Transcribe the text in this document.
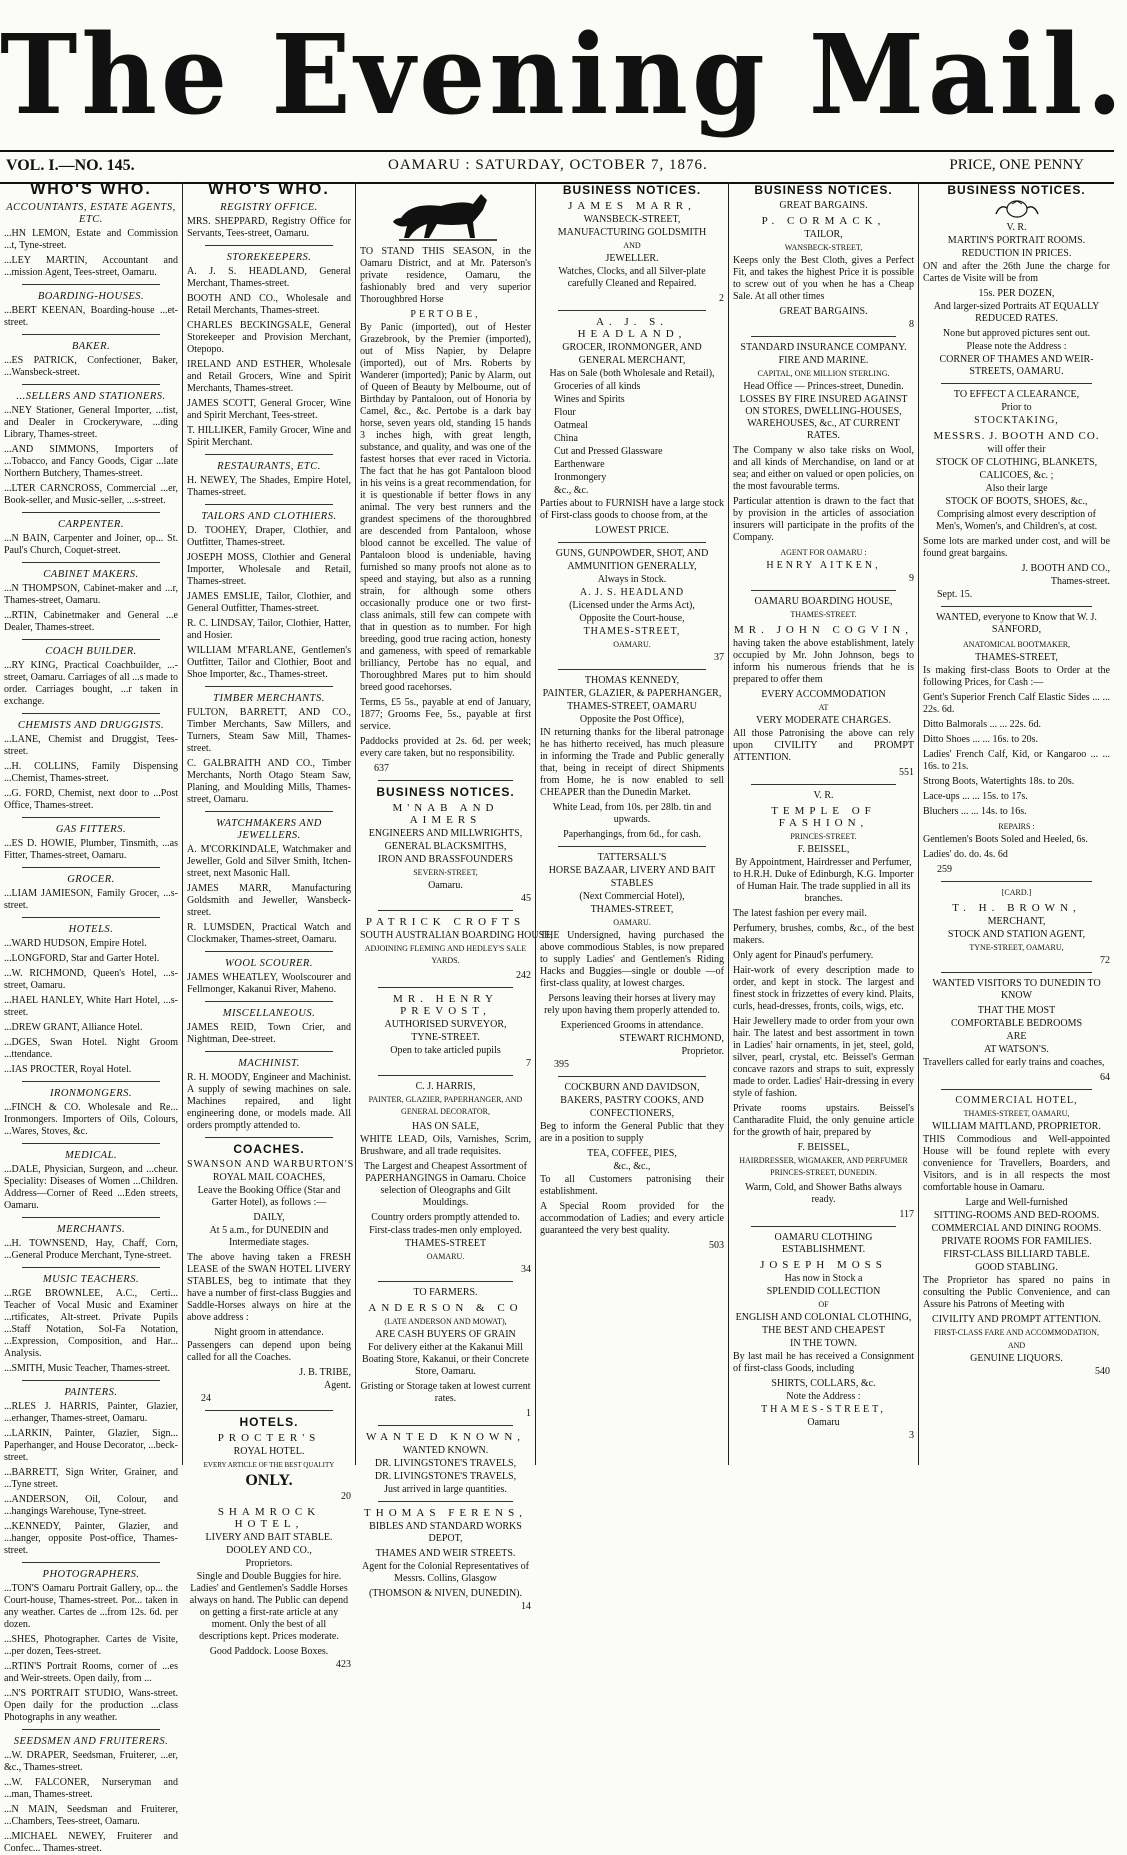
The Evening Mail.
VOL. I.—NO. 145.	OAMARU : SATURDAY, OCTOBER 7, 1876.	PRICE, ONE PENNY
WHO'S WHO.

ACCOUNTANTS, ESTATE AGENTS, ETC.

...HN LEMON, Estate and Commission ...t, Tyne-street.

...LEY MARTIN, Accountant and ...mission Agent, Tees-street, Oamaru.

BOARDING-HOUSES.

...BERT KEENAN, Boarding-house ...et-street.

BAKER.

...ES PATRICK, Confectioner, Baker, ...Wansbeck-street.

...SELLERS AND STATIONERS.

...NEY Stationer, General Importer, ...tist, and Dealer in Crockeryware, ...ding Library, Thames-street.

...AND SIMMONS, Importers of ...Tobacco, and Fancy Goods, Cigar ...late Northern Butchery, Thames-street.

...LTER CARNCROSS, Commercial ...er, Book-seller, and Music-seller, ...s-street.

CARPENTER.

...N BAIN, Carpenter and Joiner, op... St. Paul's Church, Coquet-street.

CABINET MAKERS.

...N THOMPSON, Cabinet-maker and ...r, Thames-street, Oamaru.

...RTIN, Cabinetmaker and General ...e Dealer, Thames-street.

COACH BUILDER.

...RY KING, Practical Coachbuilder, ...-street, Oamaru. Carriages of all ...s made to order. Carriages bought, ...r taken in exchange.

CHEMISTS AND DRUGGISTS.

...LANE, Chemist and Druggist, Tees-street.

...H. COLLINS, Family Dispensing ...Chemist, Thames-street.

...G. FORD, Chemist, next door to ...Post Office, Thames-street.

GAS FITTERS.

...ES D. HOWIE, Plumber, Tinsmith, ...as Fitter, Thames-street, Oamaru.

GROCER.

...LIAM JAMIESON, Family Grocer, ...s-street.

HOTELS.

...WARD HUDSON, Empire Hotel.

...LONGFORD, Star and Garter Hotel.

...W. RICHMOND, Queen's Hotel, ...s-street, Oamaru.

...HAEL HANLEY, White Hart Hotel, ...s-street.

...DREW GRANT, Alliance Hotel.

...DGES, Swan Hotel. Night Groom ...ttendance.

...IAS PROCTER, Royal Hotel.

IRONMONGERS.

...FINCH & CO. Wholesale and Re... Ironmongers. Importers of Oils, Colours, ...Wares, Stoves, &c.

MEDICAL.

...DALE, Physician, Surgeon, and ...cheur. Speciality: Diseases of Women ...Children. Address—Corner of Reed ...Eden streets, Oamaru.

MERCHANTS.

...H. TOWNSEND, Hay, Chaff, Corn, ...General Produce Merchant, Tyne-street.

MUSIC TEACHERS.

...RGE BROWNLEE, A.C., Certi... Teacher of Vocal Music and Examiner ...rtificates, Alt-street. Private Pupils ...Staff Notation, Sol-Fa Notation, ...Expression, Composition, and Har... Analysis.

...SMITH, Music Teacher, Thames-street.

PAINTERS.

...RLES J. HARRIS, Painter, Glazier, ...erhanger, Thames-street, Oamaru.

...LARKIN, Painter, Glazier, Sign... Paperhanger, and House Decorator, ...beck-street.

...BARRETT, Sign Writer, Grainer, and ...Tyne street.

...ANDERSON, Oil, Colour, and ...hangings Warehouse, Tyne-street.

...KENNEDY, Painter, Glazier, and ...hanger, opposite Post-office, Thames-street.

PHOTOGRAPHERS.

...TON'S Oamaru Portrait Gallery, op... the Court-house, Thames-street. Por... taken in any weather. Cartes de ...from 12s. 6d. per dozen.

...SHES, Photographer. Cartes de Visite, ...per dozen, Tees-street.

...RTIN'S Portrait Rooms, corner of ...es and Weir-streets. Open daily, from ...

...N'S PORTRAIT STUDIO, Wans-street. Open daily for the production ...class Photographs in any weather.

SEEDSMEN AND FRUITERERS.

...W. DRAPER, Seedsman, Fruiterer, ...er, &c., Thames-street.

...W. FALCONER, Nurseryman and ...man, Thames-street.

...N MAIN, Seedsman and Fruiterer, ...Chambers, Tees-street, Oamaru.

...MICHAEL NEWEY, Fruiterer and Confec... Thames-street.

WHO'S WHO.

REGISTRY OFFICE.

MRS. SHEPPARD, Registry Office for Servants, Tees-street, Oamaru.

STOREKEEPERS.

A. J. S. HEADLAND, General Merchant, Thames-street.

BOOTH AND CO., Wholesale and Retail Merchants, Thames-street.

CHARLES BECKINGSALE, General Storekeeper and Provision Merchant, Otepopo.

IRELAND AND ESTHER, Wholesale and Retail Grocers, Wine and Spirit Merchants, Thames-street.

JAMES SCOTT, General Grocer, Wine and Spirit Merchant, Tees-street.

T. HILLIKER, Family Grocer, Wine and Spirit Merchant.

RESTAURANTS, ETC.

H. NEWEY, The Shades, Empire Hotel, Thames-street.

TAILORS AND CLOTHIERS.

D. TOOHEY, Draper, Clothier, and Outfitter, Thames-street.

JOSEPH MOSS, Clothier and General Importer, Wholesale and Retail, Thames-street.

JAMES EMSLIE, Tailor, Clothier, and General Outfitter, Thames-street.

R. C. LINDSAY, Tailor, Clothier, Hatter, and Hosier.

WILLIAM M'FARLANE, Gentlemen's Outfitter, Tailor and Clothier, Boot and Shoe Importer, &c., Thames-street.

TIMBER MERCHANTS.

FULTON, BARRETT, AND CO., Timber Merchants, Saw Millers, and Turners, Steam Saw Mill, Thames-street.

C. GALBRAITH AND CO., Timber Merchants, North Otago Steam Saw, Planing, and Moulding Mills, Thames-street, Oamaru.

WATCHMAKERS AND JEWELLERS.

A. M'CORKINDALE, Watchmaker and Jeweller, Gold and Silver Smith, Itchen-street, next Masonic Hall.

JAMES MARR, Manufacturing Goldsmith and Jeweller, Wansbeck-street.

R. LUMSDEN, Practical Watch and Clockmaker, Thames-street, Oamaru.

WOOL SCOURER.

JAMES WHEATLEY, Woolscourer and Fellmonger, Kakanui River, Maheno.

MISCELLANEOUS.

JAMES REID, Town Crier, and Nightman, Dee-street.

MACHINIST.

R. H. MOODY, Engineer and Machinist. A supply of sewing machines on sale. Machines repaired, and light engineering done, or models made. All orders promptly attended to.

COACHES.

SWANSON AND WARBURTON'S

ROYAL MAIL COACHES,

Leave the Booking Office (Star and Garter Hotel), as follows :—

DAILY,

At 5 a.m., for DUNEDIN and Intermediate stages.

The above having taken a FRESH LEASE of the SWAN HOTEL LIVERY STABLES, beg to intimate that they have a number of first-class Buggies and Saddle-Horses always on hire at the above address :

Night groom in attendance.

Passengers can depend upon being called for all the Coaches.

J. B. TRIBE,

Agent.

24

HOTELS.

PROCTER'S

ROYAL HOTEL.

EVERY ARTICLE OF THE BEST QUALITY

ONLY.

20

SHAMROCK HOTEL,

LIVERY AND BAIT STABLE.

DOOLEY AND CO.,

Proprietors.

Single and Double Buggies for hire. Ladies' and Gentlemen's Saddle Horses always on hand. The Public can depend on getting a first-rate article at any moment. Only the best of all descriptions kept. Prices moderate.

Good Paddock. Loose Boxes.

423

TO STAND THIS SEASON, in the Oamaru District, and at Mr. Paterson's private residence, Oamaru, the fashionably bred and very superior Thoroughbred Horse

PERTOBE,

By Panic (imported), out of Hester Grazebrook, by the Premier (imported), out of Miss Napier, by Delapre (imported), out of Mrs. Roberts by Wanderer (imported); Panic by Alarm, out of Queen of Beauty by Melbourne, out of Birthday by Pantaloon, out of Honoria by Camel, &c., &c. Pertobe is a dark bay horse, seven years old, standing 15 hands 3 inches high, with great length, substance, and quality, and was one of the fastest horses that ever raced in Victoria. The fact that he has got Pantaloon blood in his veins is a great recommendation, for it is questionable if better flows in any animal. The very best runners and the grandest specimens of the thoroughbred are descended from Pantaloon, whose blood cannot be excelled. The value of Pantaloon blood is undeniable, having furnished so many proofs not alone as to speed and staying, but also as a running strain, for although some others occasionally produce one or two first-class animals, still few can compete with that in question as to number. For high breeding, good true racing action, honesty and gameness, with speed of remarkable brilliancy, Pertobe has no equal, and Thoroughbred Mares put to him should breed good racehorses.

Terms, £5 5s., payable at end of January, 1877; Grooms Fee, 5s., payable at first service.

Paddocks provided at 2s. 6d. per week; every care taken, but no responsibility.

637

BUSINESS NOTICES.

M'NAB AND AIMERS

ENGINEERS AND MILLWRIGHTS,

GENERAL BLACKSMITHS,

IRON AND BRASSFOUNDERS

SEVERN-STREET,

Oamaru.

45

PATRICK CROFTS

SOUTH AUSTRALIAN BOARDING HOUSE,

ADJOINING FLEMING AND HEDLEY'S SALE YARDS.

242

MR. HENRY PREVOST,

AUTHORISED SURVEYOR,

TYNE-STREET.

Open to take articled pupils

7

C. J. HARRIS,

PAINTER, GLAZIER, PAPERHANGER, AND GENERAL DECORATOR,

HAS ON SALE,

WHITE LEAD, Oils, Varnishes, Scrim, Brushware, and all trade requisites.

The Largest and Cheapest Assortment of PAPERHANGINGS in Oamaru. Choice selection of Oleographs and Gilt Mouldings.

Country orders promptly attended to.

First-class trades-men only employed.

THAMES-STREET

OAMARU.

34

TO FARMERS.

ANDERSON & CO

(LATE ANDERSON AND MOWAT),

ARE CASH BUYERS OF GRAIN

For delivery either at the Kakanui Mill Boating Store, Kakanui, or their Concrete Store, Oamaru.

Gristing or Storage taken at lowest current rates.

1

WANTED KNOWN,

WANTED KNOWN.

DR. LIVINGSTONE'S TRAVELS,

DR. LIVINGSTONE'S TRAVELS,

Just arrived in large quantities.

THOMAS FERENS,

BIBLES AND STANDARD WORKS DEPOT,

THAMES AND WEIR STREETS.

Agent for the Colonial Representatives of Messrs. Collins, Glasgow

(THOMSON & NIVEN, DUNEDIN).

14

BUSINESS NOTICES.

JAMES MARR,

WANSBECK-STREET,

MANUFACTURING GOLDSMITH

AND

JEWELLER.

Watches, Clocks, and all Silver-plate carefully Cleaned and Repaired.

2

A. J. S. HEADLAND,

GROCER, IRONMONGER, AND

GENERAL MERCHANT,

Has on Sale (both Wholesale and Retail),

Groceries of all kinds

Wines and Spirits

Flour

Oatmeal

China

Cut and Pressed Glassware

Earthenware

Ironmongery

&c., &c.

Parties about to FURNISH have a large stock of First-class goods to choose from, at the

LOWEST PRICE.

GUNS, GUNPOWDER, SHOT, AND

AMMUNITION GENERALLY,

Always in Stock.

A. J. S. HEADLAND

(Licensed under the Arms Act),

Opposite the Court-house,

THAMES-STREET,

OAMARU.

37

THOMAS KENNEDY,

PAINTER, GLAZIER, & PAPERHANGER,

THAMES-STREET, OAMARU

Opposite the Post Office),

IN returning thanks for the liberal patronage he has hitherto received, has much pleasure in informing the Trade and Public generally that, being in receipt of direct Shipments from Home, he is now enabled to sell CHEAPER than the Dunedin Market.

White Lead, from 10s. per 28lb. tin and upwards.

Paperhangings, from 6d., for cash.

TATTERSALL'S

HORSE BAZAAR, LIVERY AND BAIT

STABLES

(Next Commercial Hotel),

THAMES-STREET,

OAMARU.

THE Undersigned, having purchased the above commodious Stables, is now prepared to supply Ladies' and Gentlemen's Riding Hacks and Buggies—single or double —of first-class quality, at lowest charges.

Persons leaving their horses at livery may rely upon having them properly attended to.

Experienced Grooms in attendance.

STEWART RICHMOND,

Proprietor.

395

COCKBURN AND DAVIDSON,

BAKERS, PASTRY COOKS, AND

CONFECTIONERS,

Beg to inform the General Public that they are in a position to supply

TEA, COFFEE, PIES,

&c., &c.,

To all Customers patronising their establishment.

A Special Room provided for the accommodation of Ladies; and every article guaranteed the very best quality.

503

BUSINESS NOTICES.

GREAT BARGAINS.

P. CORMACK,

TAILOR,

WANSBECK-STREET,

Keeps only the Best Cloth, gives a Perfect Fit, and takes the highest Price it is possible to screw out of you when he has a Cheap Sale. At all other times

GREAT BARGAINS.

8

STANDARD INSURANCE COMPANY.

FIRE AND MARINE.

CAPITAL, ONE MILLION STERLING.

Head Office — Princes-street, Dunedin.

LOSSES BY FIRE INSURED AGAINST ON STORES, DWELLING-HOUSES, WAREHOUSES, &c., AT CURRENT RATES.

The Company w also take risks on Wool, and all kinds of Merchandise, on land or at sea; and either on valued or open policies, on the most favourable terms.

Particular attention is drawn to the fact that by provision in the articles of association insurers will participate in the profits of the Company.

AGENT FOR OAMARU :

HENRY AITKEN,

9

OAMARU BOARDING HOUSE,

THAMES-STREET.

MR. JOHN COGVIN,

having taken the above establishment, lately occupied by Mr. John Johnson, begs to inform his numerous friends that he is prepared to offer them

EVERY ACCOMMODATION

AT

VERY MODERATE CHARGES.

All those Patronising the above can rely upon CIVILITY and PROMPT ATTENTION.

551

V. R.

TEMPLE OF FASHION,

PRINCES-STREET.

F. BEISSEL,

By Appointment, Hairdresser and Perfumer, to H.R.H. Duke of Edinburgh, K.G. Importer of Human Hair. The trade supplied in all its branches.

The latest fashion per every mail.

Perfumery, brushes, combs, &c., of the best makers.

Only agent for Pinaud's perfumery.

Hair-work of every description made to order, and kept in stock. The largest and finest stock in frizzettes of every kind. Plaits, curls, head-dresses, fronts, coils, wigs, etc.

Hair Jewellery made to order from your own hair. The latest and best assortment in town in Ladies' hair ornaments, in jet, steel, gold, silver, pearl, crystal, etc. Beissel's German concave razors and straps to suit, expressly made to order. Ladies' Hair-dressing in every style of fashion.

Private rooms upstairs. Beissel's Cantharadite Fluid, the only genuine article for the growth of hair, prepared by

F. BEISSEL,

HAIRDRESSER, WIGMAKER, AND PERFUMER PRINCES-STREET, DUNEDIN.

Warm, Cold, and Shower Baths always ready.

117

OAMARU CLOTHING ESTABLISHMENT.

JOSEPH MOSS

Has now in Stock a

SPLENDID COLLECTION

OF

ENGLISH AND COLONIAL CLOTHING,

THE BEST AND CHEAPEST

IN THE TOWN.

By last mail he has received a Consignment of first-class Goods, including

SHIRTS, COLLARS, &c.

Note the Address :

THAMES-STREET,

Oamaru

3

BUSINESS NOTICES.

V. R.

MARTIN'S PORTRAIT ROOMS.

REDUCTION IN PRICES.

ON and after the 26th June the charge for Cartes de Visite will be from

15s. PER DOZEN,

And larger-sized Portraits AT EQUALLY REDUCED RATES.

None but approved pictures sent out.

Please note the Address :

CORNER OF THAMES AND WEIR-STREETS, OAMARU.

TO EFFECT A CLEARANCE,

Prior to

STOCKTAKING,

MESSRS. J. BOOTH AND CO.

will offer their

STOCK OF CLOTHING, BLANKETS,

CALICOES, &c. ;

Also their large

STOCK OF BOOTS, SHOES, &c.,

Comprising almost every description of Men's, Women's, and Children's, at cost.

Some lots are marked under cost, and will be found great bargains.

J. BOOTH AND CO.,

Thames-street.

Sept. 15.

WANTED, everyone to Know that W. J. SANFORD,

ANATOMICAL BOOTMAKER,

THAMES-STREET,

Is making first-class Boots to Order at the following Prices, for Cash :—

Gent's Superior French Calf Elastic Sides ... ... 22s. 6d.

Ditto Balmorals ... ... 22s. 6d.

Ditto Shoes ... ... 16s. to 20s.

Ladies' French Calf, Kid, or Kangaroo ... ... 16s. to 21s.

Strong Boots, Watertights 18s. to 20s.

Lace-ups ... ... 15s. to 17s.

Bluchers ... ... 14s. to 16s.

REPAIRS :

Gentlemen's Boots Soled and Heeled, 6s.

Ladies' do. do. 4s. 6d

259

[CARD.]

T. H. BROWN,

MERCHANT,

STOCK AND STATION AGENT,

TYNE-STREET, OAMARU,

72

WANTED VISITORS TO DUNEDIN TO KNOW

THAT THE MOST

COMFORTABLE BEDROOMS

ARE

AT WATSON'S.

Travellers called for early trains and coaches,

64

COMMERCIAL HOTEL,

THAMES-STREET, OAMARU,

WILLIAM MAITLAND, PROPRIETOR.

THIS Commodious and Well-appointed House will be found replete with every convenience for Travellers, Boarders, and Visitors, and is in all respects the most comfortable house in Oamaru.

Large and Well-furnished

SITTING-ROOMS AND BED-ROOMS.

COMMERCIAL AND DINING ROOMS.

PRIVATE ROOMS FOR FAMILIES.

FIRST-CLASS BILLIARD TABLE.

GOOD STABLING.

The Proprietor has spared no pains in consulting the Public Convenience, and can Assure his Patrons of Meeting with

CIVILITY AND PROMPT ATTENTION.

FIRST-CLASS FARE AND ACCOMMODATION,

AND

GENUINE LIQUORS.

540
